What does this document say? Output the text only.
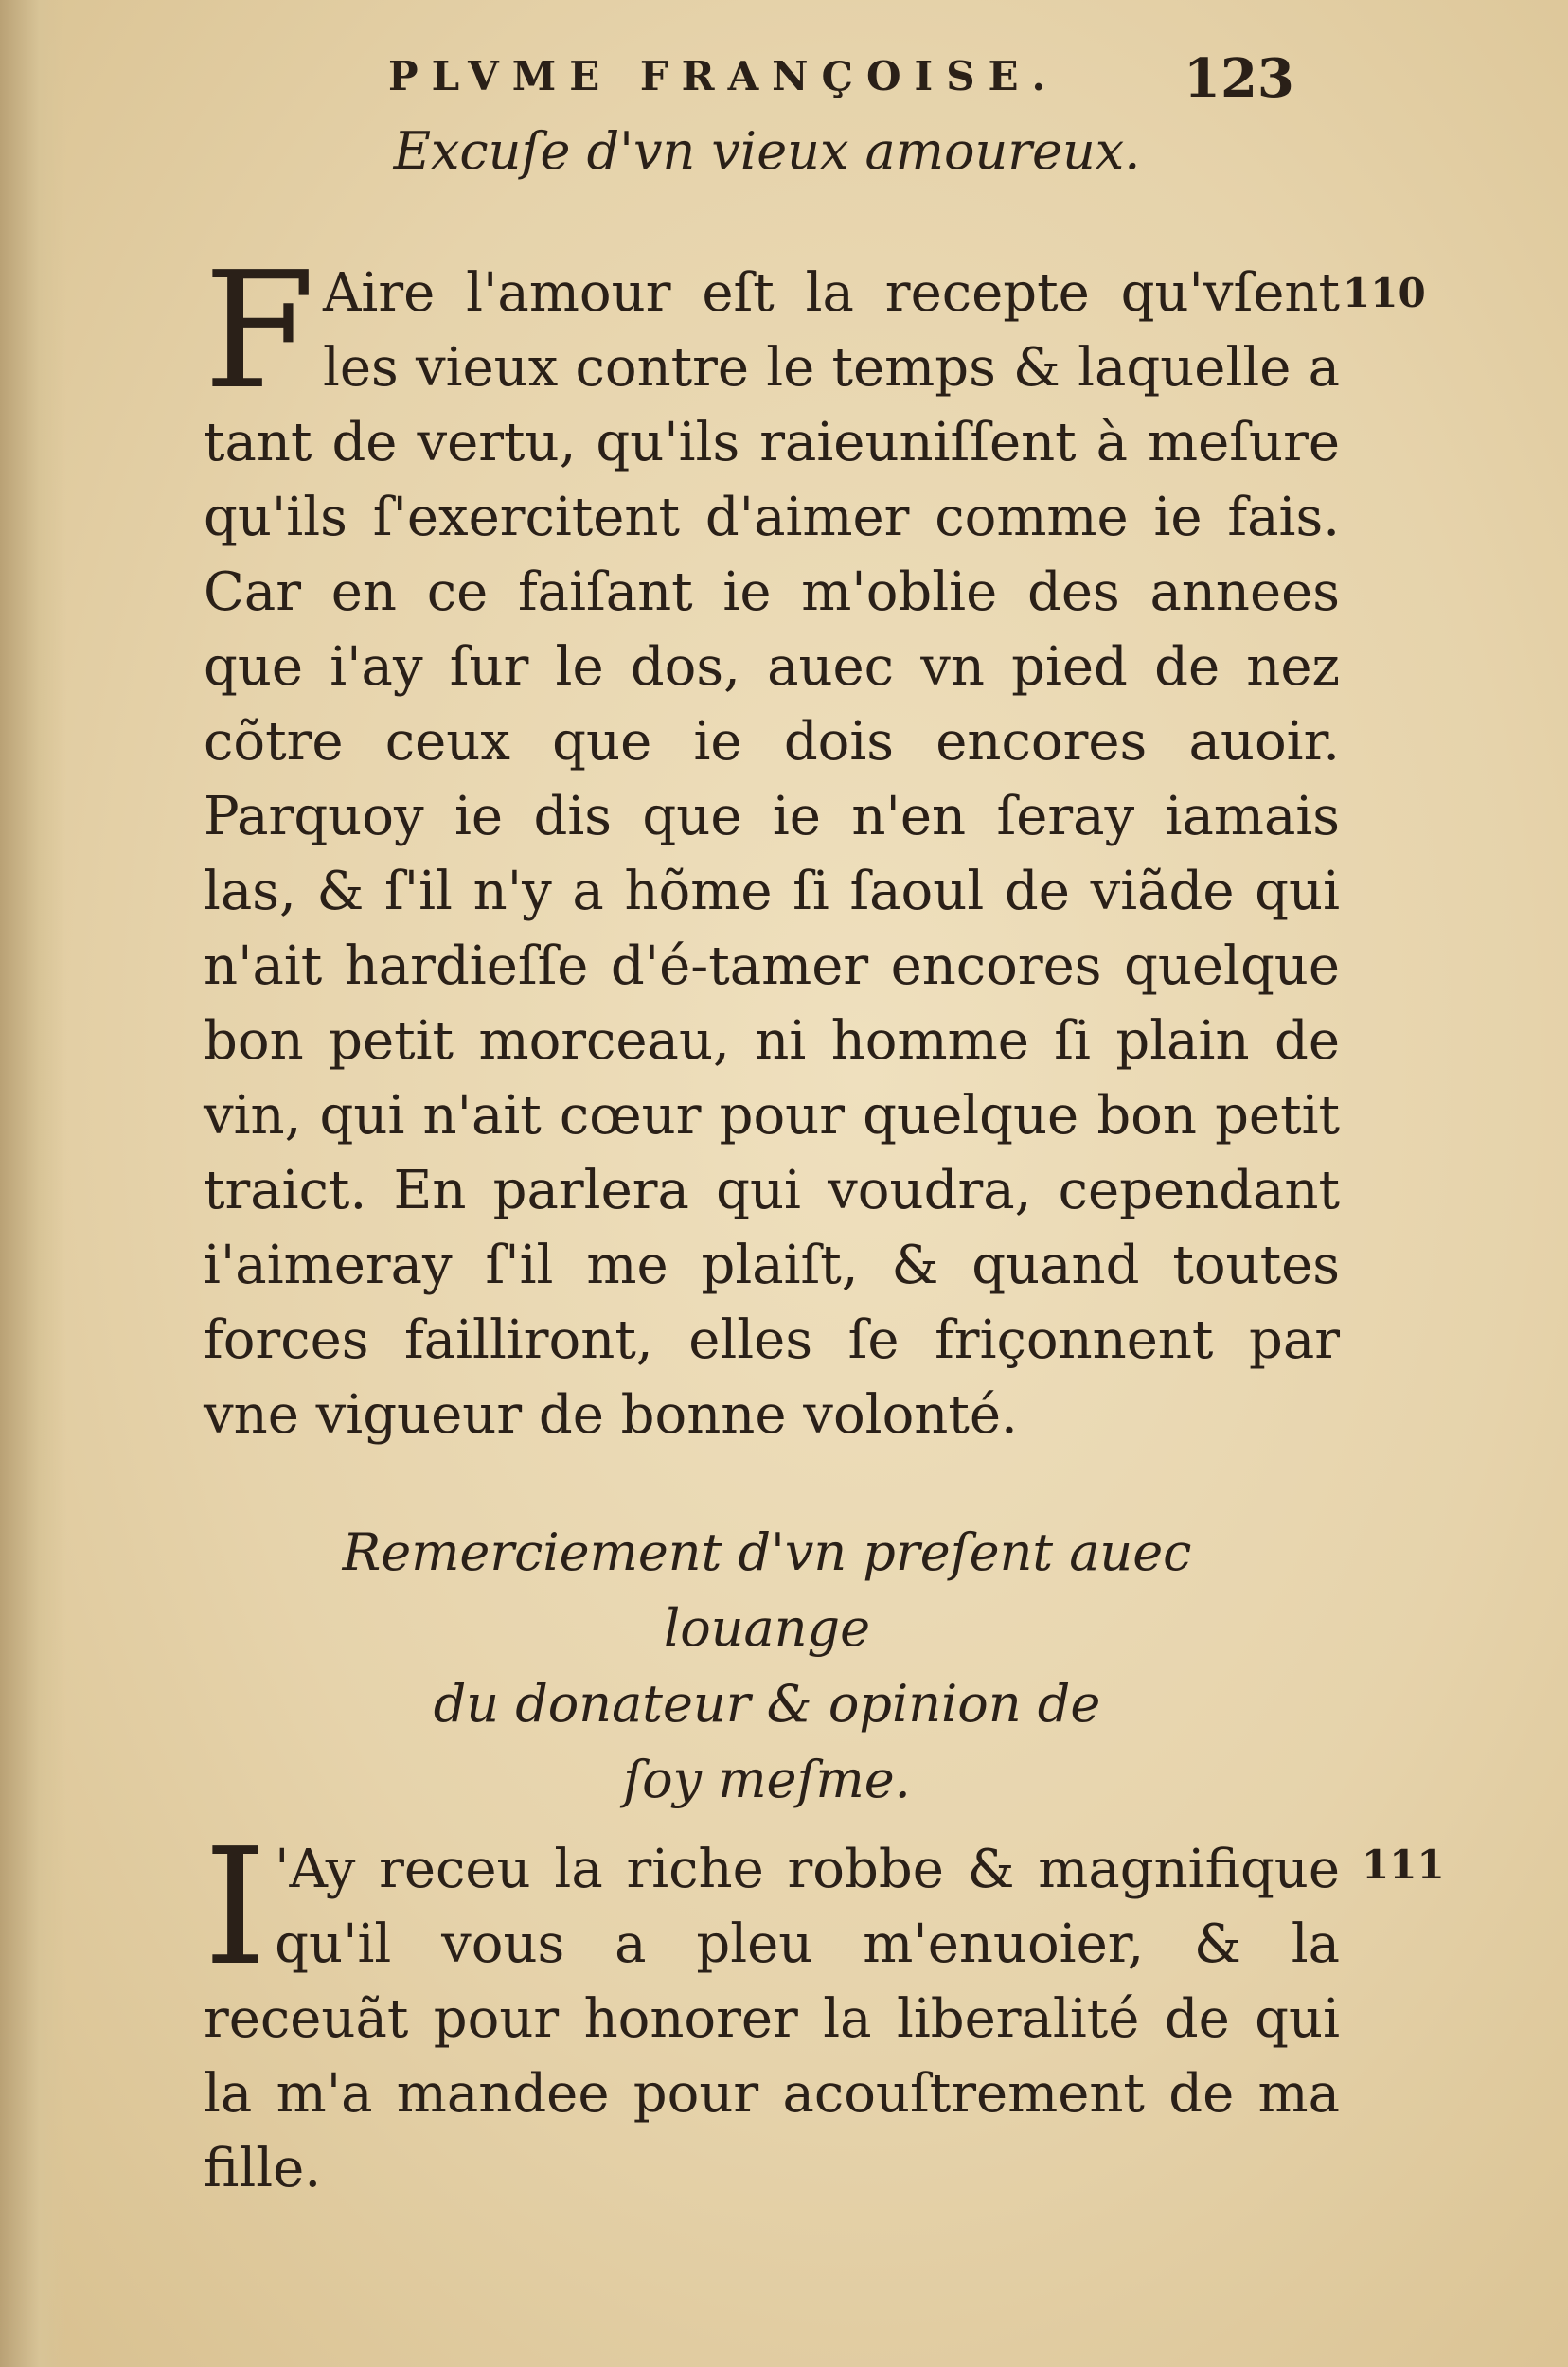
PLVME FRANÇOISE. 123
Excuſe d'vn vieux amoureux.
F Aire l'amour eſt la recepte qu'vſent les vieux contre le temps & laquelle a tant de vertu, qu'ils raieuniſſent à meſure qu'ils ſ'exercitent d'aimer comme ie fais. Car en ce faiſant ie m'oblie des annees que i'ay ſur le dos, auec vn pied de nez cõtre ceux que ie dois encores auoir. Parquoy ie dis que ie n'en ſeray iamais las, & ſ'il n'y a hõme ſi ſaoul de viãde qui n'ait hardieſſe d'é-tamer encores quelque bon petit morceau, ni homme ſi plain de vin, qui n'ait cœur pour quelque bon petit traict. En parlera qui voudra, cependant i'aimeray ſ'il me plaiſt, & quand toutes forces failliront, elles ſe friçonnent par vne vigueur de bonne volonté.
110
Remerciement d'vn preſent auec louange
du donateur & opinion de
ſoy meſme.
I 'Ay receu la riche robbe & magnifique qu'il vous a pleu m'enuoier, & la receuãt pour honorer la liberalité de qui la m'a mandee pour acouſtrement de ma fille.
111
